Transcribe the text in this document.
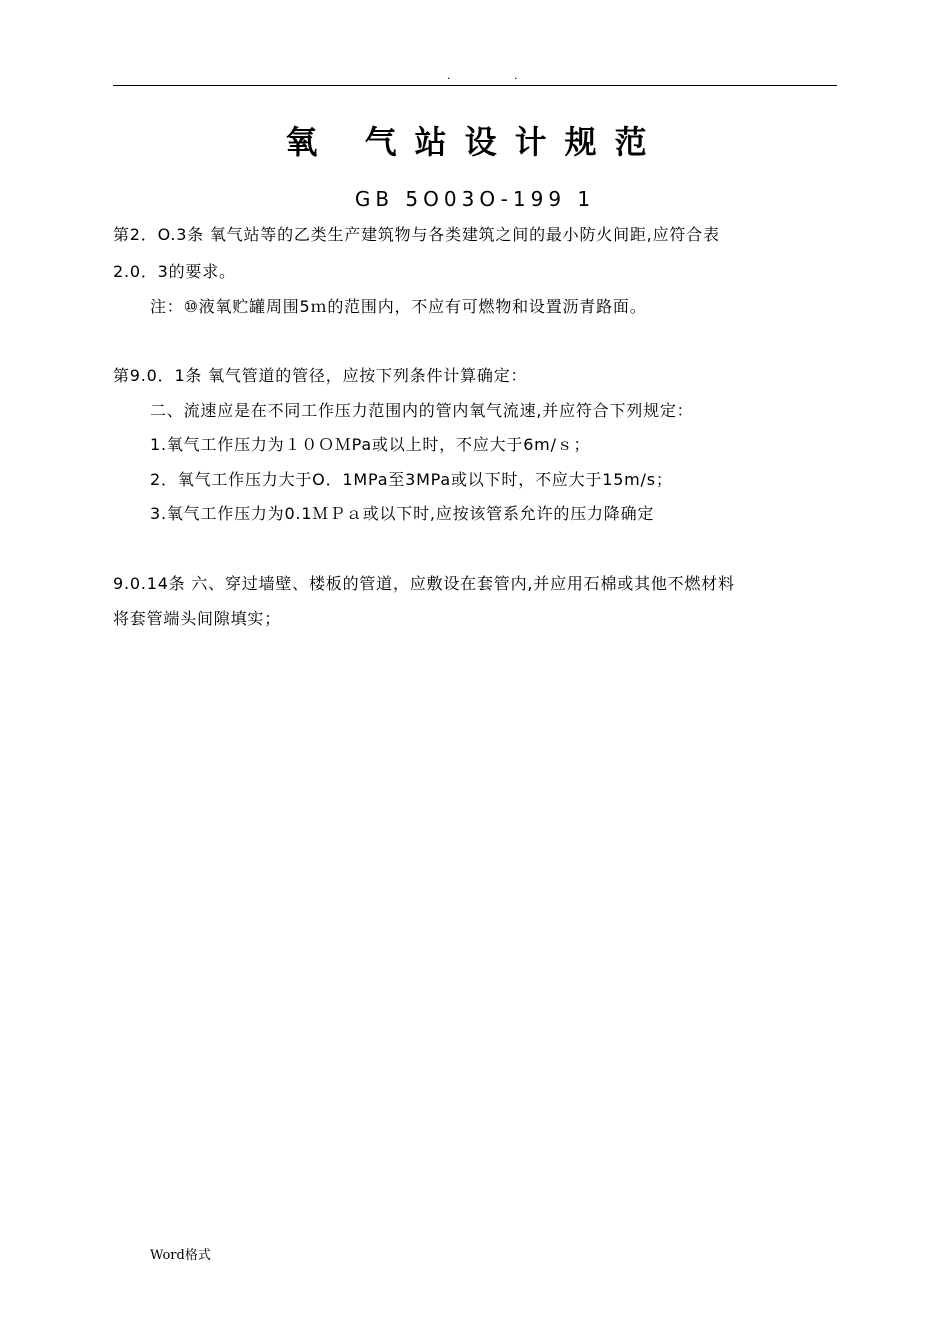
. .
氧 气站设计规范
GB 5O03O-199 1
第2．O.3条 氧气站等的乙类生产建筑物与各类建筑之间的最小防火间距,应符合表
2.0．3的要求。
注：⑩液氧贮罐周围5ｍ的范围内，不应有可燃物和设置沥青路面。
第9.0．1条 氧气管道的管径，应按下列条件计算确定：
二、流速应是在不同工作压力范围内的管内氧气流速,并应符合下列规定：
1.氧气工作压力为１０ＯＭPa或以上时，不应大于6m/ｓ；
2．氧气工作压力大于O．1MPa至3MPa或以下时，不应大于15m/s；
3.氧气工作压力为0.1ＭＰａ或以下时,应按该管系允许的压力降确定
9.0.14条 六、穿过墙壁、楼板的管道，应敷设在套管内,并应用石棉或其他不燃材料
将套管端头间隙填实；
Word格式
